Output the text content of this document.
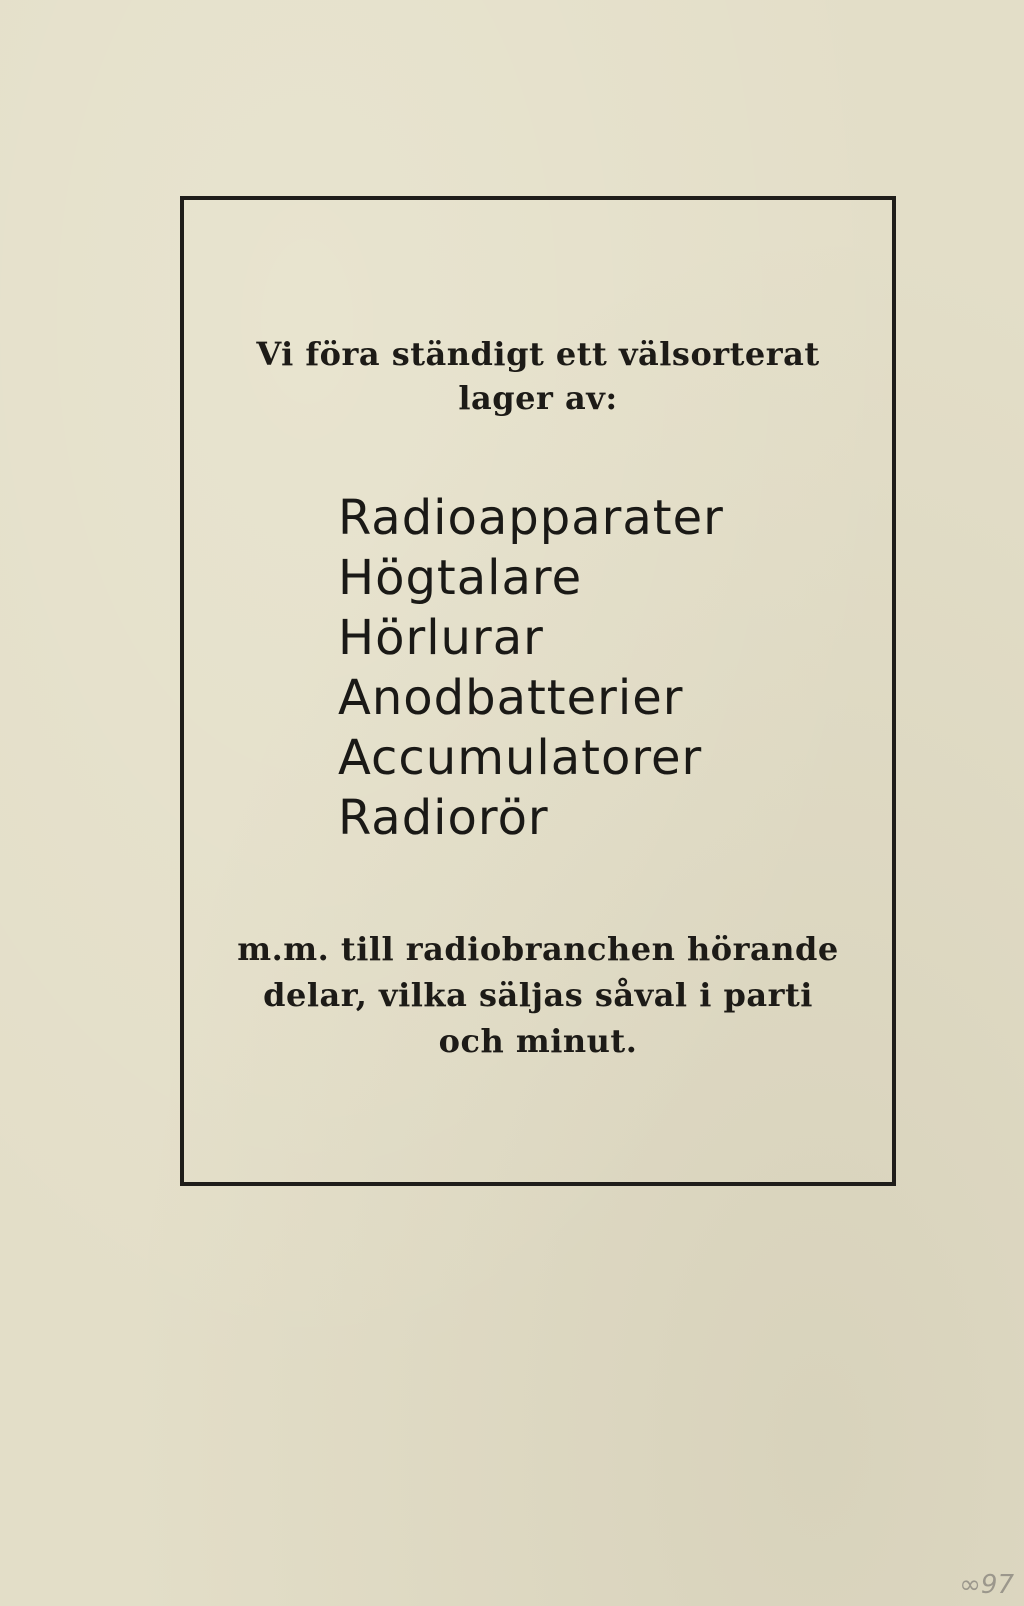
Vi föra ständigt ett välsorterat
lager av:
Radioapparater
Högtalare
Hörlurar
Anodbatterier
Accumulatorer
Radiorör
m.m. till radiobranchen hörande
delar, vilka säljas såval i parti
och minut.
∞97
